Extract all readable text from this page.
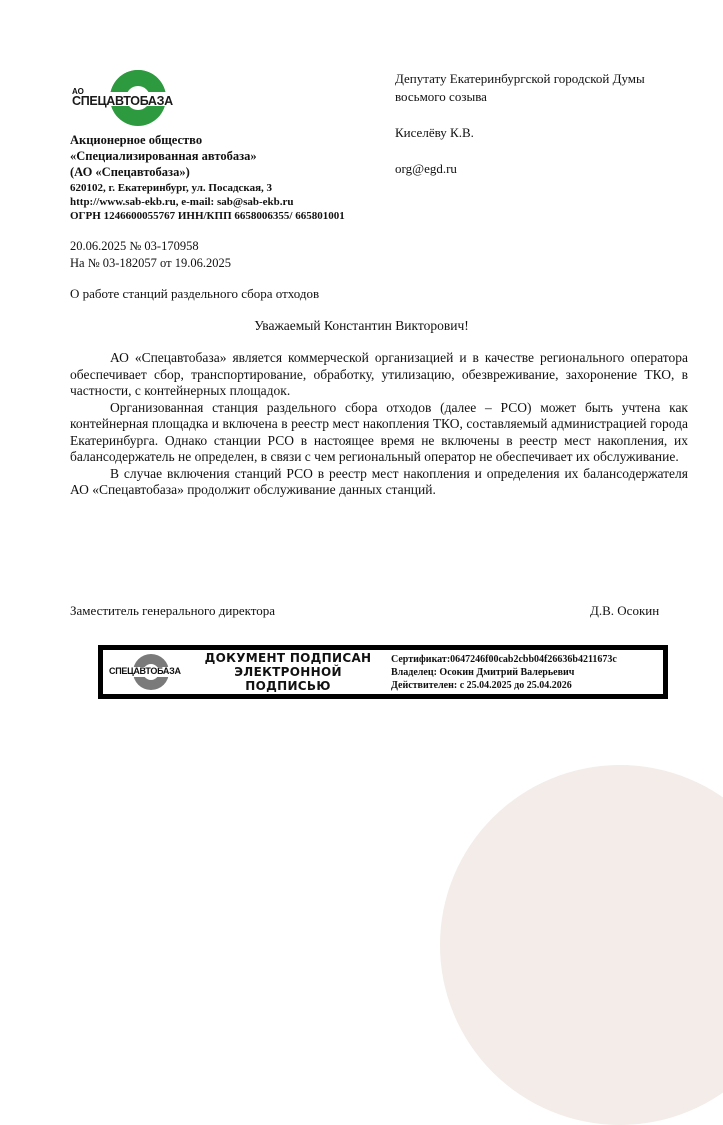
АО
СПЕЦАВТОБАЗА
Акционерное общество
«Специализированная автобаза»
(АО «Спецавтобаза»)
620102, г. Екатеринбург, ул. Посадская, 3
http://www.sab-ekb.ru, e-mail: sab@sab-ekb.ru
ОГРН 1246600055767 ИНН/КПП 6658006355/ 665801001
20.06.2025 № 03-170958
На № 03-182057 от 19.06.2025
Депутату Екатеринбургской городской Думы
восьмого созыва
Киселёву К.В.
org@egd.ru
О работе станций раздельного сбора отходов
Уважаемый Константин Викторович!

АО «Спецавтобаза» является коммерческой организацией и в качестве регионального оператора обеспечивает сбор, транспортирование, обработку, утилизацию, обезвреживание, захоронение ТКО, в частности, с контейнерных площадок.

Организованная станция раздельного сбора отходов (далее – РСО) может быть учтена как контейнерная площадка и включена в реестр мест накопления ТКО, составляемый администрацией города Екатеринбурга. Однако станции РСО в настоящее время не включены в реестр мест накопления, их балансодержатель не определен, в связи с чем региональный оператор не обеспечивает их обслуживание.

В случае включения станций РСО в реестр мест накопления и определения их балансодержателя АО «Спецавтобаза» продолжит обслуживание данных станций.

Заместитель генерального директора	Д.В. Осокин
СПЕЦАВТОБАЗА
ДОКУМЕНТ ПОДПИСАН
ЭЛЕКТРОННОЙ ПОДПИСЬЮ
Сертификат:0647246f00cab2cbb04f26636b4211673c
Владелец: Осокин Дмитрий Валерьевич
Действителен: с 25.04.2025 до 25.04.2026
